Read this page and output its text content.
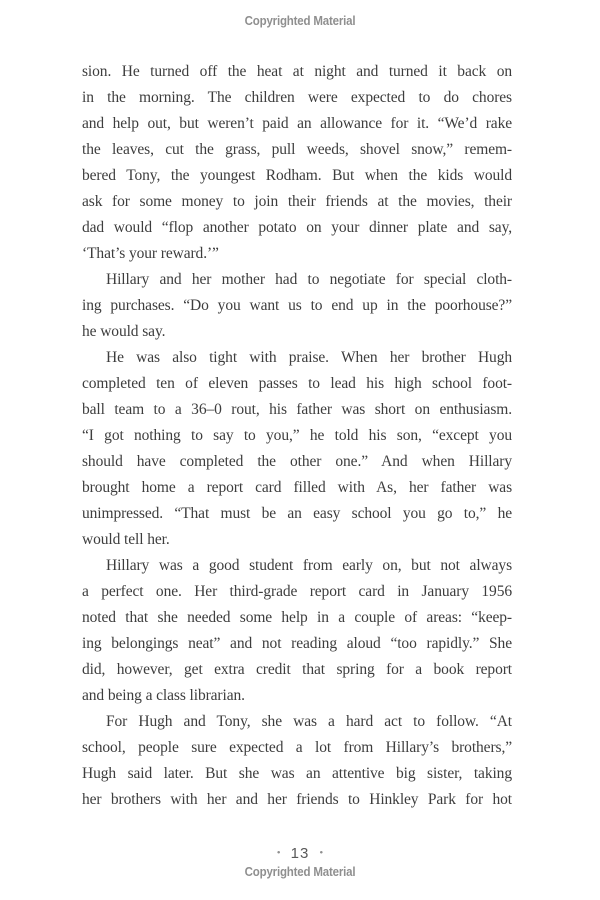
Copyrighted Material
sion. He turned off the heat at night and turned it back on
in the morning. The children were expected to do chores
and help out, but weren’t paid an allowance for it. “We’d rake
the leaves, cut the grass, pull weeds, shovel snow,” remem-
bered Tony, the youngest Rodham. But when the kids would
ask for some money to join their friends at the movies, their
dad would “flop another potato on your dinner plate and say,
‘That’s your reward.’”
Hillary and her mother had to negotiate for special cloth-
ing purchases. “Do you want us to end up in the poorhouse?”
he would say.
He was also tight with praise. When her brother Hugh
completed ten of eleven passes to lead his high school foot-
ball team to a 36–0 rout, his father was short on enthusiasm.
“I got nothing to say to you,” he told his son, “except you
should have completed the other one.” And when Hillary
brought home a report card filled with As, her father was
unimpressed. “That must be an easy school you go to,” he
would tell her.
Hillary was a good student from early on, but not always
a perfect one. Her third-grade report card in January 1956
noted that she needed some help in a couple of areas: “keep-
ing belongings neat” and not reading aloud “too rapidly.” She
did, however, get extra credit that spring for a book report
and being a class librarian.
For Hugh and Tony, she was a hard act to follow. “At
school, people sure expected a lot from Hillary’s brothers,”
Hugh said later. But she was an attentive big sister, taking
her brothers with her and her friends to Hinkley Park for hot
• 13 •
Copyrighted Material
